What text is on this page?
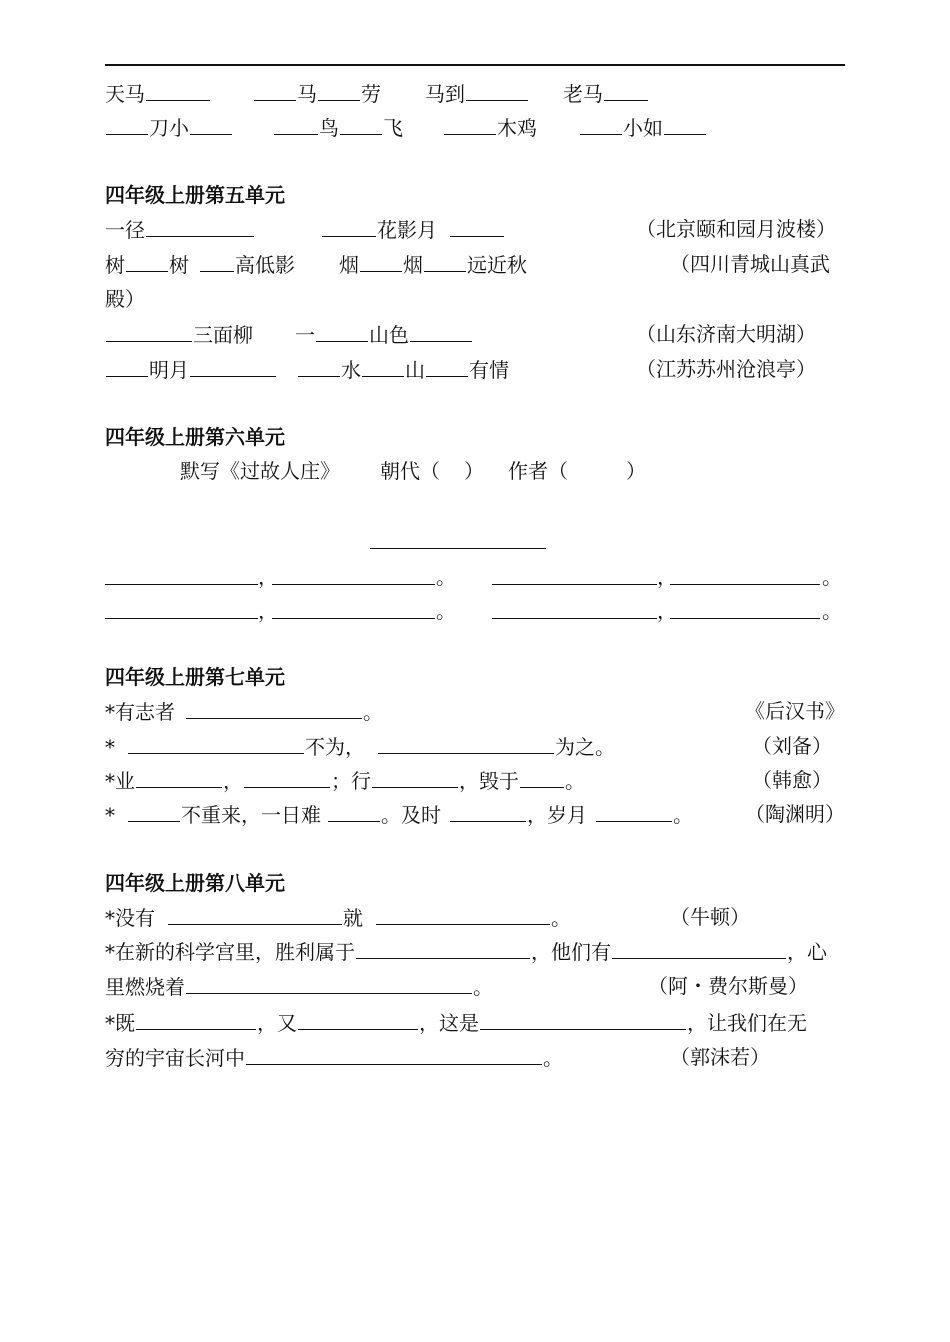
天马	马 劳 马到	老马
刀小	鸟 飞	木鸡	小如
四年级上册第五单元
一径	花影月	（北京颐和园月波楼）
树 树 高低影 烟 烟 远近秋	（四川青城山真武
殿）
三面柳 一	山色	（山东济南大明湖）
明月	水 山 有情	（江苏苏州沧浪亭）
四年级上册第六单元
默写《过故人庄》 朝代（ ） 作者（	）
，	。	，	。
，	。	，	。
四年级上册第七单元
*有志者	。	《后汉书》
*	不为，	为之。	（刘备）
*业	，	；行	，毁于 。	（韩愈）
*	不重来，一日难	。及时	，岁月	。	（陶渊明）
四年级上册第八单元
*没有	就	。	（牛顿）
*在新的科学宫里，胜利属于	，他们有	，心
里燃烧着	。	（阿・费尔斯曼）
*既	，又	，这是	，让我们在无
穷的宇宙长河中	。	（郭沫若）
